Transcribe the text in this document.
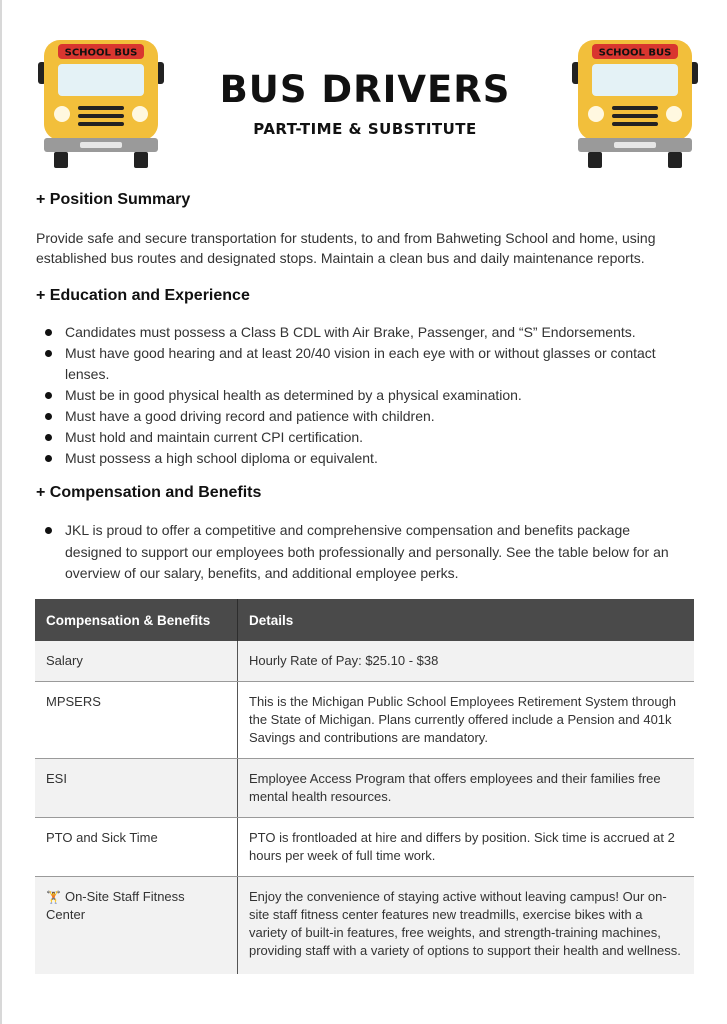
SCHOOL BUS	SCHOOL BUS
BUS DRIVERS
PART-TIME & SUBSTITUTE
+ Position Summary

Provide safe and secure transportation for students, to and from Bahweting School and home, using
established bus routes and designated stops. Maintain a clean bus and daily maintenance reports.

+ Education and Experience
Candidates must possess a Class B CDL with Air Brake, Passenger, and “S” Endorsements.
Must have good hearing and at least 20/40 vision in each eye with or without glasses or contact lenses.
Must be in good physical health as determined by a physical examination.
Must have a good driving record and patience with children.
Must hold and maintain current CPI certification.
Must possess a high school diploma or equivalent.
+ Compensation and Benefits
JKL is proud to offer a competitive and comprehensive compensation and benefits package designed to support our employees both professionally and personally. See the table below for an overview of our salary, benefits, and additional employee perks.
Compensation & Benefits	Details
Salary	Hourly Rate of Pay: $25.10 - $38
MPSERS	This is the Michigan Public School Employees Retirement System through the State of Michigan. Plans currently offered include a Pension and 401k Savings and contributions are mandatory.
ESI	Employee Access Program that offers employees and their families free mental health resources.
PTO and Sick Time	PTO is frontloaded at hire and differs by position. Sick time is accrued at 2 hours per week of full time work.
🏋 On-Site Staff Fitness Center	Enjoy the convenience of staying active without leaving campus! Our on-site staff fitness center features new treadmills, exercise bikes with a variety of built-in features, free weights, and strength-training machines, providing staff with a variety of options to support their health and wellness.
